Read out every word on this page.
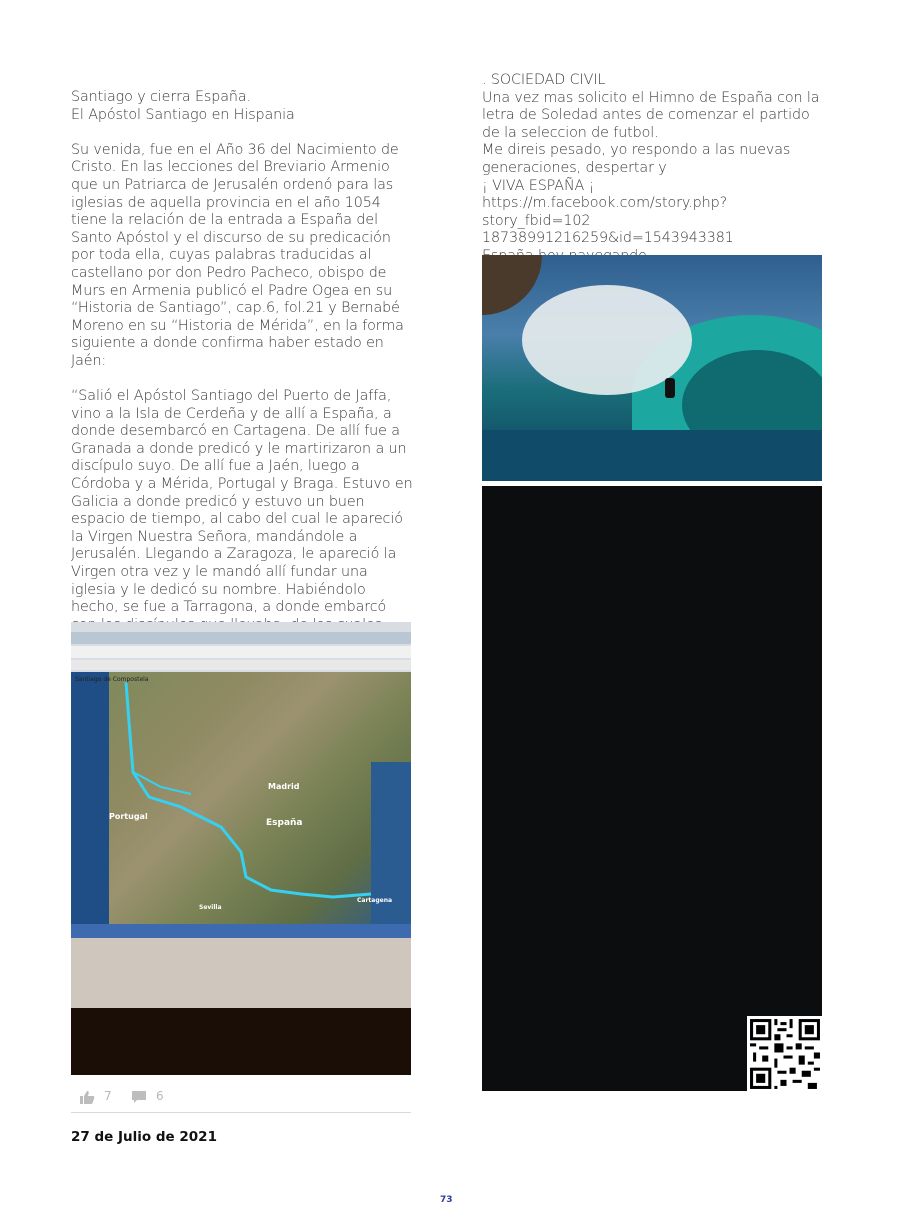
Santiago y cierra España.
El Apóstol Santiago en Hispania

Su venida, fue en el Año 36 del Nacimiento de Cristo. En las lecciones del Breviario Armenio que un Patriarca de Jerusalén ordenó para las iglesias de aquella provincia en el año 1054 tiene la relación de la entrada a España del Santo Apóstol y el discurso de su predicación por toda ella, cuyas palabras traducidas al castellano por don Pedro Pacheco, obispo de Murs en Armenia publicó el Padre Ogea en su “Historia de Santiago”, cap.6, fol.21 y Bernabé Moreno en su “Historia de Mérida”, en la forma siguiente a donde confirma haber estado en Jaén:

“Salió el Apóstol Santiago del Puerto de Jaffa, vino a la Isla de Cerdeña y de allí a España, a donde desembarcó en Cartagena. De allí fue a Granada a donde predicó y le martirizaron a un discípulo suyo. De allí fue a Jaén, luego a Córdoba y a Mérida, Portugal y Braga. Estuvo en Galicia a donde predicó y estuvo un buen espacio de tiempo, al cabo del cual le apareció la Virgen Nuestra Señora, mandándole a Jerusalén. Llegando a Zaragoza, le apareció la Virgen otra vez y le mandó allí fundar una iglesia y le dedicó su nombre. Habiéndolo hecho, se fue a Tarragona, a donde embarcó

. SOCIEDAD CIVIL
Una vez mas solicito el Himno de España con la letra de Soledad antes de comenzar el partido de la seleccion de futbol.
Me direis pesado, yo respondo a las nuevas generaciones, despertar y
¡ VIVA ESPAÑA ¡
https://m.facebook.com/story.php?story_fbid=102
18738991216259&id=1543943381

Santiago de Compostela
Madrid
Portugal
España
Sevilla
Cartagena
7	6
27 de Julio de 2021
73
